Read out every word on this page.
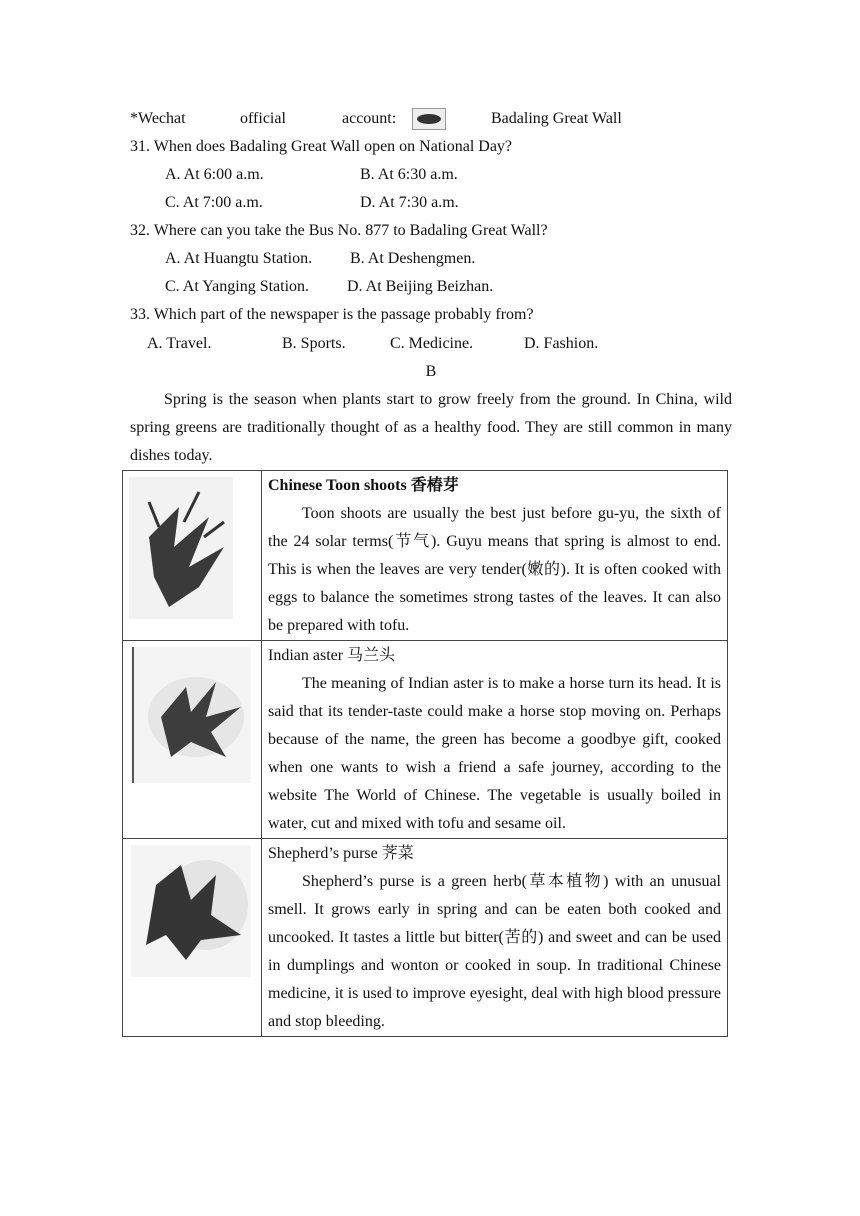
*Wechat	official	account:	Badaling Great Wall
31. When does Badaling Great Wall open on National Day?
A. At 6:00 a.m.	B. At 6:30 a.m.
C. At 7:00 a.m.	D. At 7:30 a.m.
32. Where can you take the Bus No. 877 to Badaling Great Wall?
A. At Huangtu Station. B. At Deshengmen.
C. At Yanging Station. D. At Beijing Beizhan.
33. Which part of the newspaper is the passage probably from?
A. Travel.	B. Sports.	C. Medicine.	D. Fashion.
B
Spring is the season when plants start to grow freely from the ground. In China, wild spring greens are traditionally thought of as a healthy food. They are still common in many dishes today.

Chinese Toon shoots 香椿芽
Toon shoots are usually the best just before gu-yu, the sixth of the 24 solar terms(节气). Guyu means that spring is almost to end. This is when the leaves are very tender(嫩的). It is often cooked with eggs to balance the sometimes strong tastes of the leaves. It can also be prepared with tofu.

Indian aster 马兰头
The meaning of Indian aster is to make a horse turn its head. It is said that its tender-taste could make a horse stop moving on. Perhaps because of the name, the green has become a goodbye gift, cooked when one wants to wish a friend a safe journey, according to the website The World of Chinese. The vegetable is usually boiled in water, cut and mixed with tofu and sesame oil.

Shepherd’s purse 荠菜
Shepherd’s purse is a green herb(草本植物) with an unusual smell. It grows early in spring and can be eaten both cooked and uncooked. It tastes a little but bitter(苦的) and sweet and can be used in dumplings and wonton or cooked in soup. In traditional Chinese medicine, it is used to improve eyesight, deal with high blood pressure and stop bleeding.
